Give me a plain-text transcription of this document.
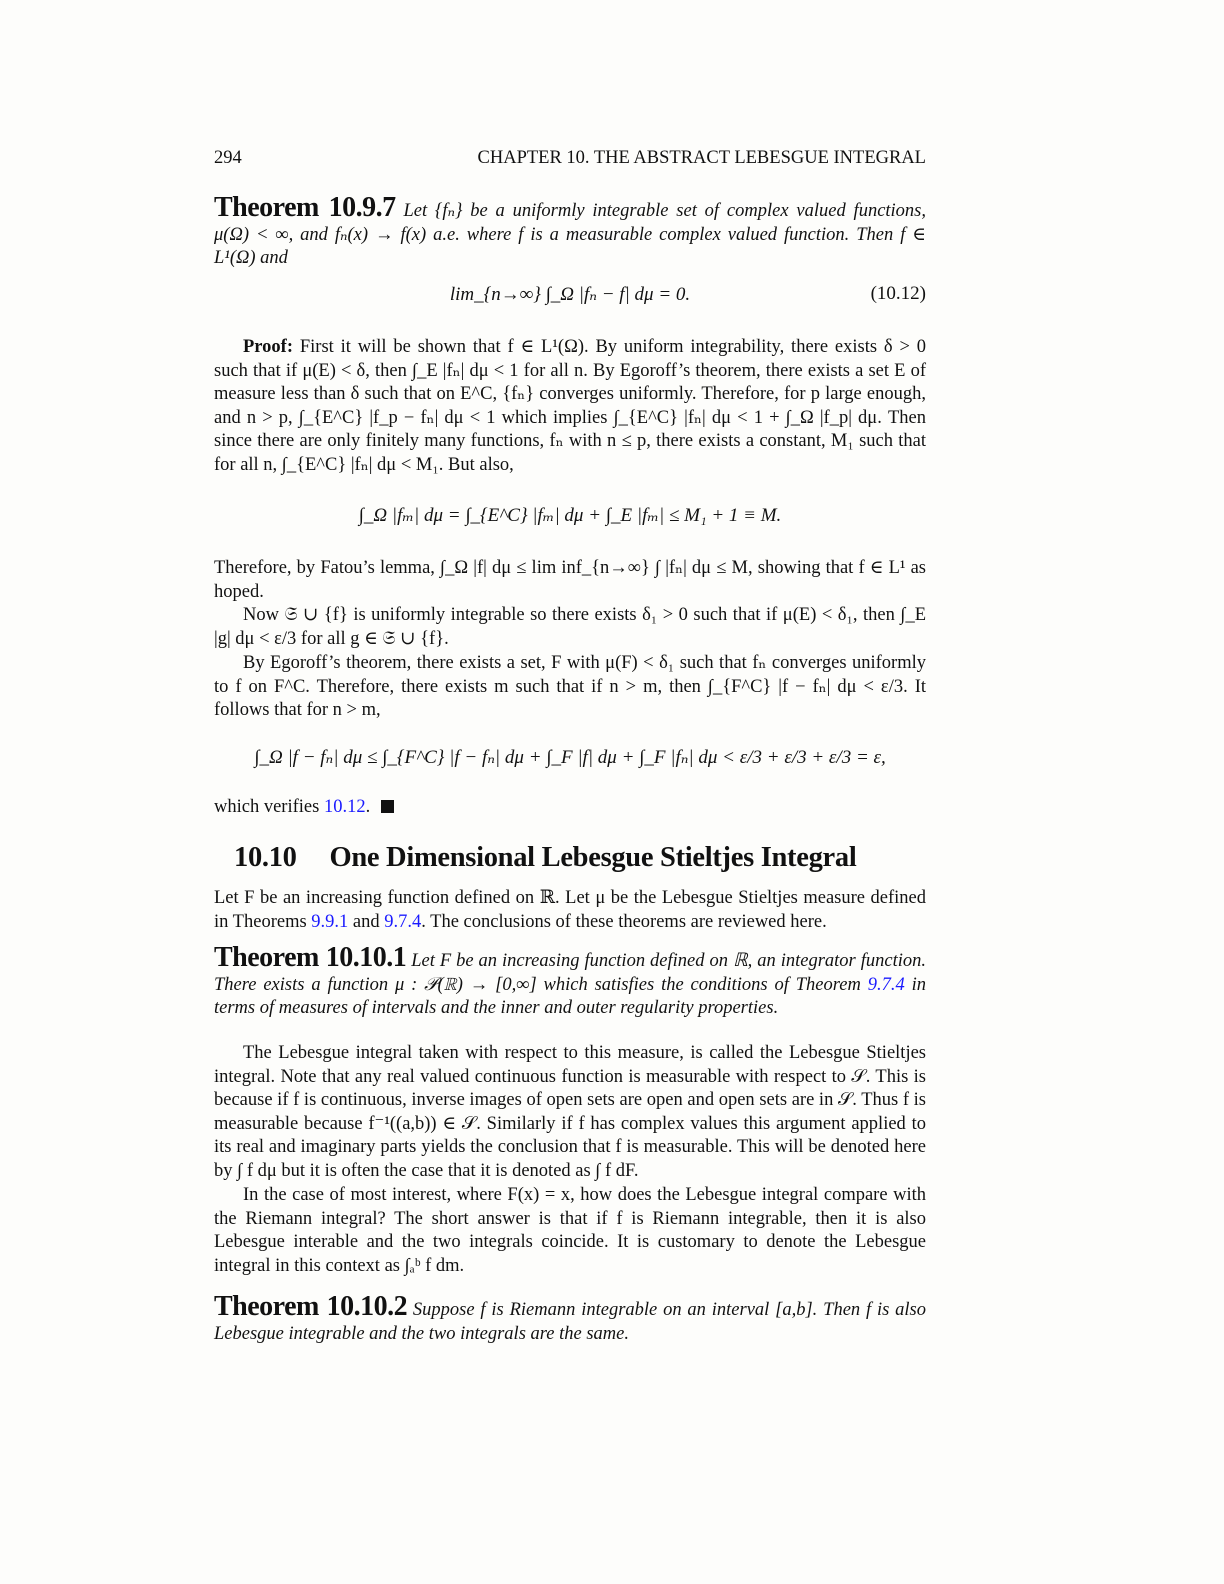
294	CHAPTER 10. THE ABSTRACT LEBESGUE INTEGRAL
Theorem 10.9.7 Let {fₙ} be a uniformly integrable set of complex valued functions, μ(Ω) < ∞, and fₙ(x) → f(x) a.e. where f is a measurable complex valued function. Then f ∈ L¹(Ω) and
lim_{n→∞} ∫_Ω |fₙ − f| dμ = 0.	(10.12)
Proof: First it will be shown that f ∈ L¹(Ω). By uniform integrability, there exists δ > 0 such that if μ(E) < δ, then ∫_E |fₙ| dμ < 1 for all n. By Egoroff’s theorem, there exists a set E of measure less than δ such that on E^C, {fₙ} converges uniformly. Therefore, for p large enough, and n > p, ∫_{E^C} |f_p − fₙ| dμ < 1 which implies ∫_{E^C} |fₙ| dμ < 1 + ∫_Ω |f_p| dμ. Then since there are only finitely many functions, fₙ with n ≤ p, there exists a constant, M₁ such that for all n, ∫_{E^C} |fₙ| dμ < M₁. But also,
∫_Ω |fₘ| dμ = ∫_{E^C} |fₘ| dμ + ∫_E |fₘ| ≤ M₁ + 1 ≡ M.
Therefore, by Fatou’s lemma, ∫_Ω |f| dμ ≤ lim inf_{n→∞} ∫ |fₙ| dμ ≤ M, showing that f ∈ L¹ as hoped.
Now 𝔖 ∪ {f} is uniformly integrable so there exists δ₁ > 0 such that if μ(E) < δ₁, then ∫_E |g| dμ < ε/3 for all g ∈ 𝔖 ∪ {f}.
By Egoroff’s theorem, there exists a set, F with μ(F) < δ₁ such that fₙ converges uniformly to f on F^C. Therefore, there exists m such that if n > m, then ∫_{F^C} |f − fₙ| dμ < ε/3. It follows that for n > m,
∫_Ω |f − fₙ| dμ ≤ ∫_{F^C} |f − fₙ| dμ + ∫_F |f| dμ + ∫_F |fₙ| dμ < ε/3 + ε/3 + ε/3 = ε,
which verifies 10.12.
10.10 One Dimensional Lebesgue Stieltjes Integral
Let F be an increasing function defined on ℝ. Let μ be the Lebesgue Stieltjes measure defined in Theorems 9.9.1 and 9.7.4. The conclusions of these theorems are reviewed here.
Theorem 10.10.1 Let F be an increasing function defined on ℝ, an integrator function. There exists a function μ : 𝒫(ℝ) → [0,∞] which satisfies the conditions of Theorem 9.7.4 in terms of measures of intervals and the inner and outer regularity properties.
The Lebesgue integral taken with respect to this measure, is called the Lebesgue Stieltjes integral. Note that any real valued continuous function is measurable with respect to 𝒮. This is because if f is continuous, inverse images of open sets are open and open sets are in 𝒮. Thus f is measurable because f⁻¹((a,b)) ∈ 𝒮. Similarly if f has complex values this argument applied to its real and imaginary parts yields the conclusion that f is measurable. This will be denoted here by ∫ f dμ but it is often the case that it is denoted as ∫ f dF.
In the case of most interest, where F(x) = x, how does the Lebesgue integral compare with the Riemann integral? The short answer is that if f is Riemann integrable, then it is also Lebesgue interable and the two integrals coincide. It is customary to denote the Lebesgue integral in this context as ∫ₐᵇ f dm.
Theorem 10.10.2 Suppose f is Riemann integrable on an interval [a,b]. Then f is also Lebesgue integrable and the two integrals are the same.
